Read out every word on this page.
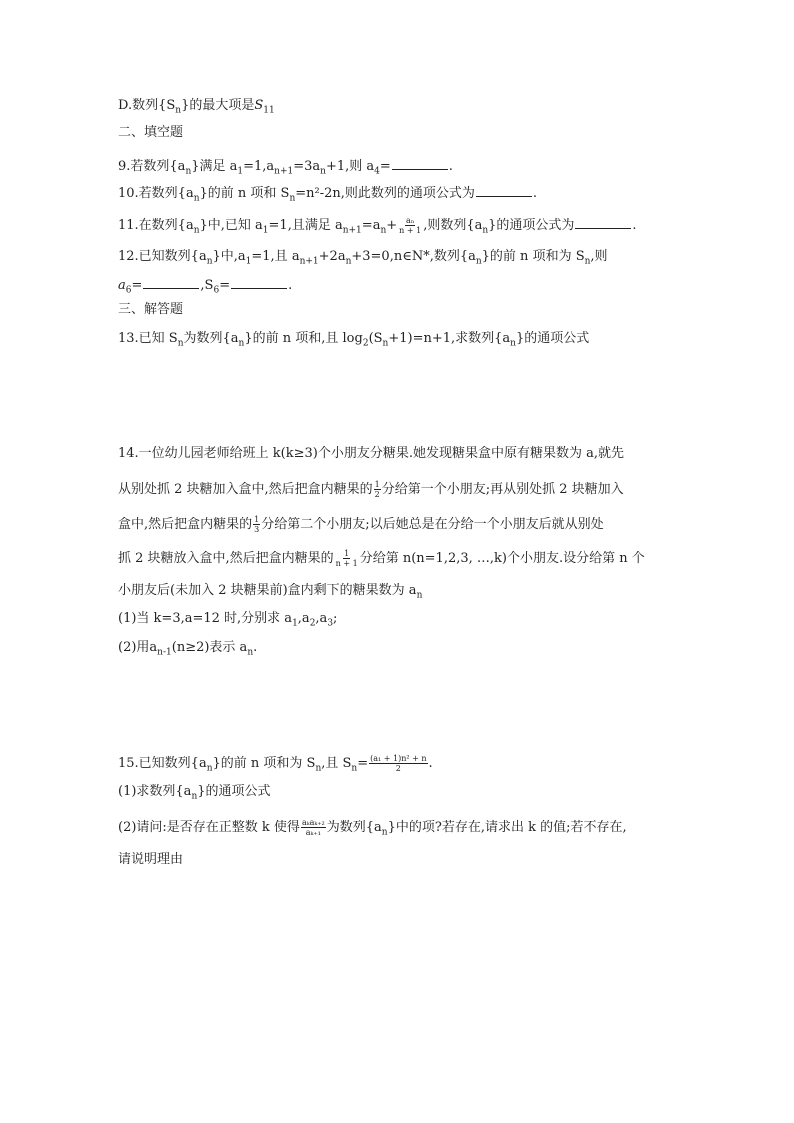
D.数列$\{S_n\}$的最大项是$S_{11}$
二、填空题
9.若数列$\{a_n\}$满足 $a_1=1,a_{n+1}=3a_n+1$,则 $a_4=$	.
10.若数列$\{a_n\}$的前 n 项和 $S_n=n^2-2n$,则此数列的通项公式为	.
11.在数列$\{a_n\}$中,已知 $a_1=1$,且满足 $a_{n+1}=a_n+ \frac{\text{aₙ}}{n + 1}$ ,则数列$\{a_n\}$的通项公式为	.
12.已知数列$\{a_n\}$中$,a_1=1$,且 $a_{n+1}+2a_n+3=0,n\in N*$,数列$\{a_n\}$的前 n 项和为 $S_n$,则
$a_6=$	$,S_6=$	.
三、解答题
13.已知 $S_n$为数列$\{a_n\}$的前 n 项和,且 $\log_2(S_n+1)=n+1$,求数列$\{a_n\}$的通项公式
14.一位幼儿园老师给班上 k(k≥3)个小朋友分糖果.她发现糖果盒中原有糖果数为 a,就先
从别处抓 2 块糖加入盒中,然后把盒内糖果的 $\frac{1}{2}$ 分给第一个小朋友;再从别处抓 2 块糖加入
盒中,然后把盒内糖果的 $\frac{1}{3}$ 分给第二个小朋友;以后她总是在分给一个小朋友后就从别处
抓 2 块糖放入盒中,然后把盒内糖果的 $\frac{1}{n + 1}$ 分给第 n(n=1,2,3, …,k)个小朋友.设分给第 n 个
小朋友后(未加入 2 块糖果前)盒内剩下的糖果数为 $a_n$
(1)当 k=3,a=12 时,分别求 $a_1,a_2,a_3$;
(2)用$a_{n-1}(n\ge 2)$表示 $a_n$.
15.已知数列$\{a_n\}$的前 n 项和为 $S_n$,且 $S_n= \frac{\text{(a₁ + 1)n² + n}}{2}$ .
(1)求数列$\{a_n\}$的通项公式
(2)请问:是否存在正整数 k 使得 $\frac{\text{aₖaₖ₊₂}}{\text{aₖ₊₁}}$ 为数列$\{a_n\}$中的项?若存在,请求出 k 的值;若不存在,
请说明理由
